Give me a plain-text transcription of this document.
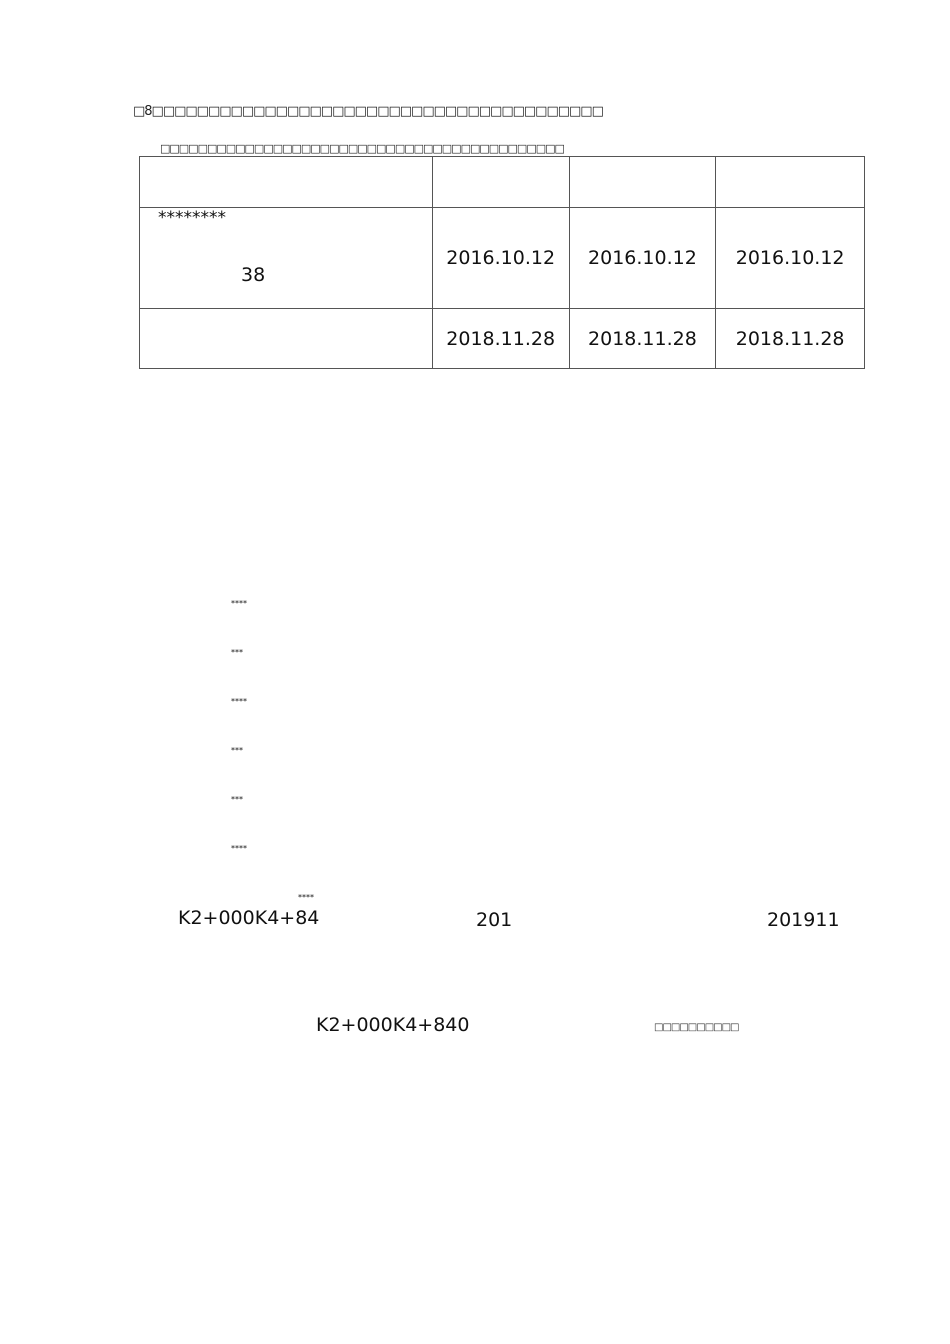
□8□□□□□□□□□□□□□□□□□□□□□□□□□□□□□□□□□□□□□□□□
□□□□□□□□□□□□□□□□□□□□□□□□□□□□□□□□□□□□□□□□□□□

********
38	2016.10.12	2016.10.12	2016.10.12
	2018.11.28	2018.11.28	2018.11.28
****
***
****
***
***
****
****
K2+000K4+84	201	201911
K2+000K4+840	□□□□□□□□□□
